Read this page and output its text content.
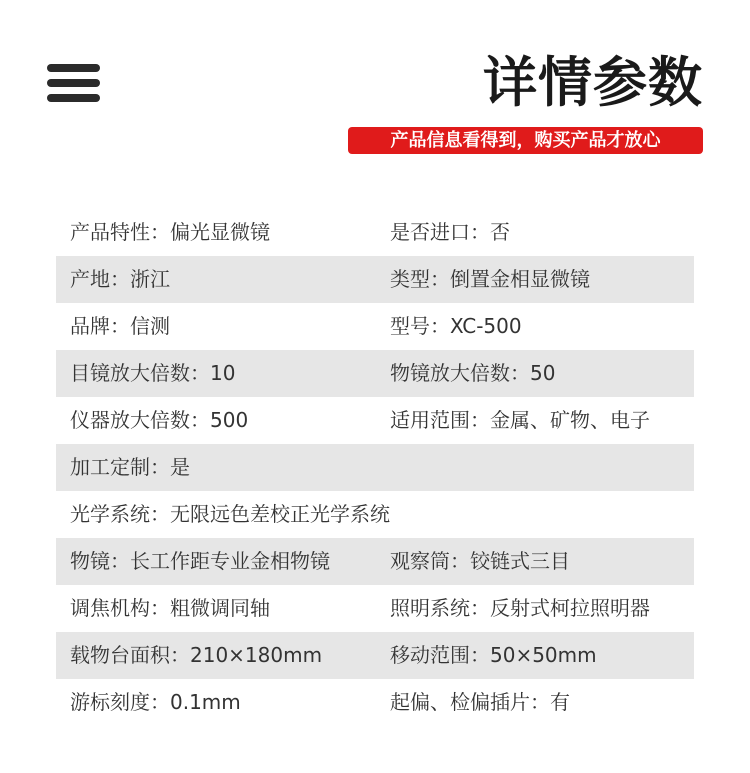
详情参数
产品信息看得到，购买产品才放心
产品特性：偏光显微镜	是否进口：否
产地：浙江	类型：倒置金相显微镜
品牌：信测	型号：XC-500
目镜放大倍数：10	物镜放大倍数：50
仪器放大倍数：500	适用范围：金属、矿物、电子
加工定制：是
光学系统：无限远色差校正光学系统
物镜：长工作距专业金相物镜	观察筒：铰链式三目
调焦机构：粗微调同轴	照明系统：反射式柯拉照明器
载物台面积：210×180mm	移动范围：50×50mm
游标刻度：0.1mm	起偏、检偏插片：有
